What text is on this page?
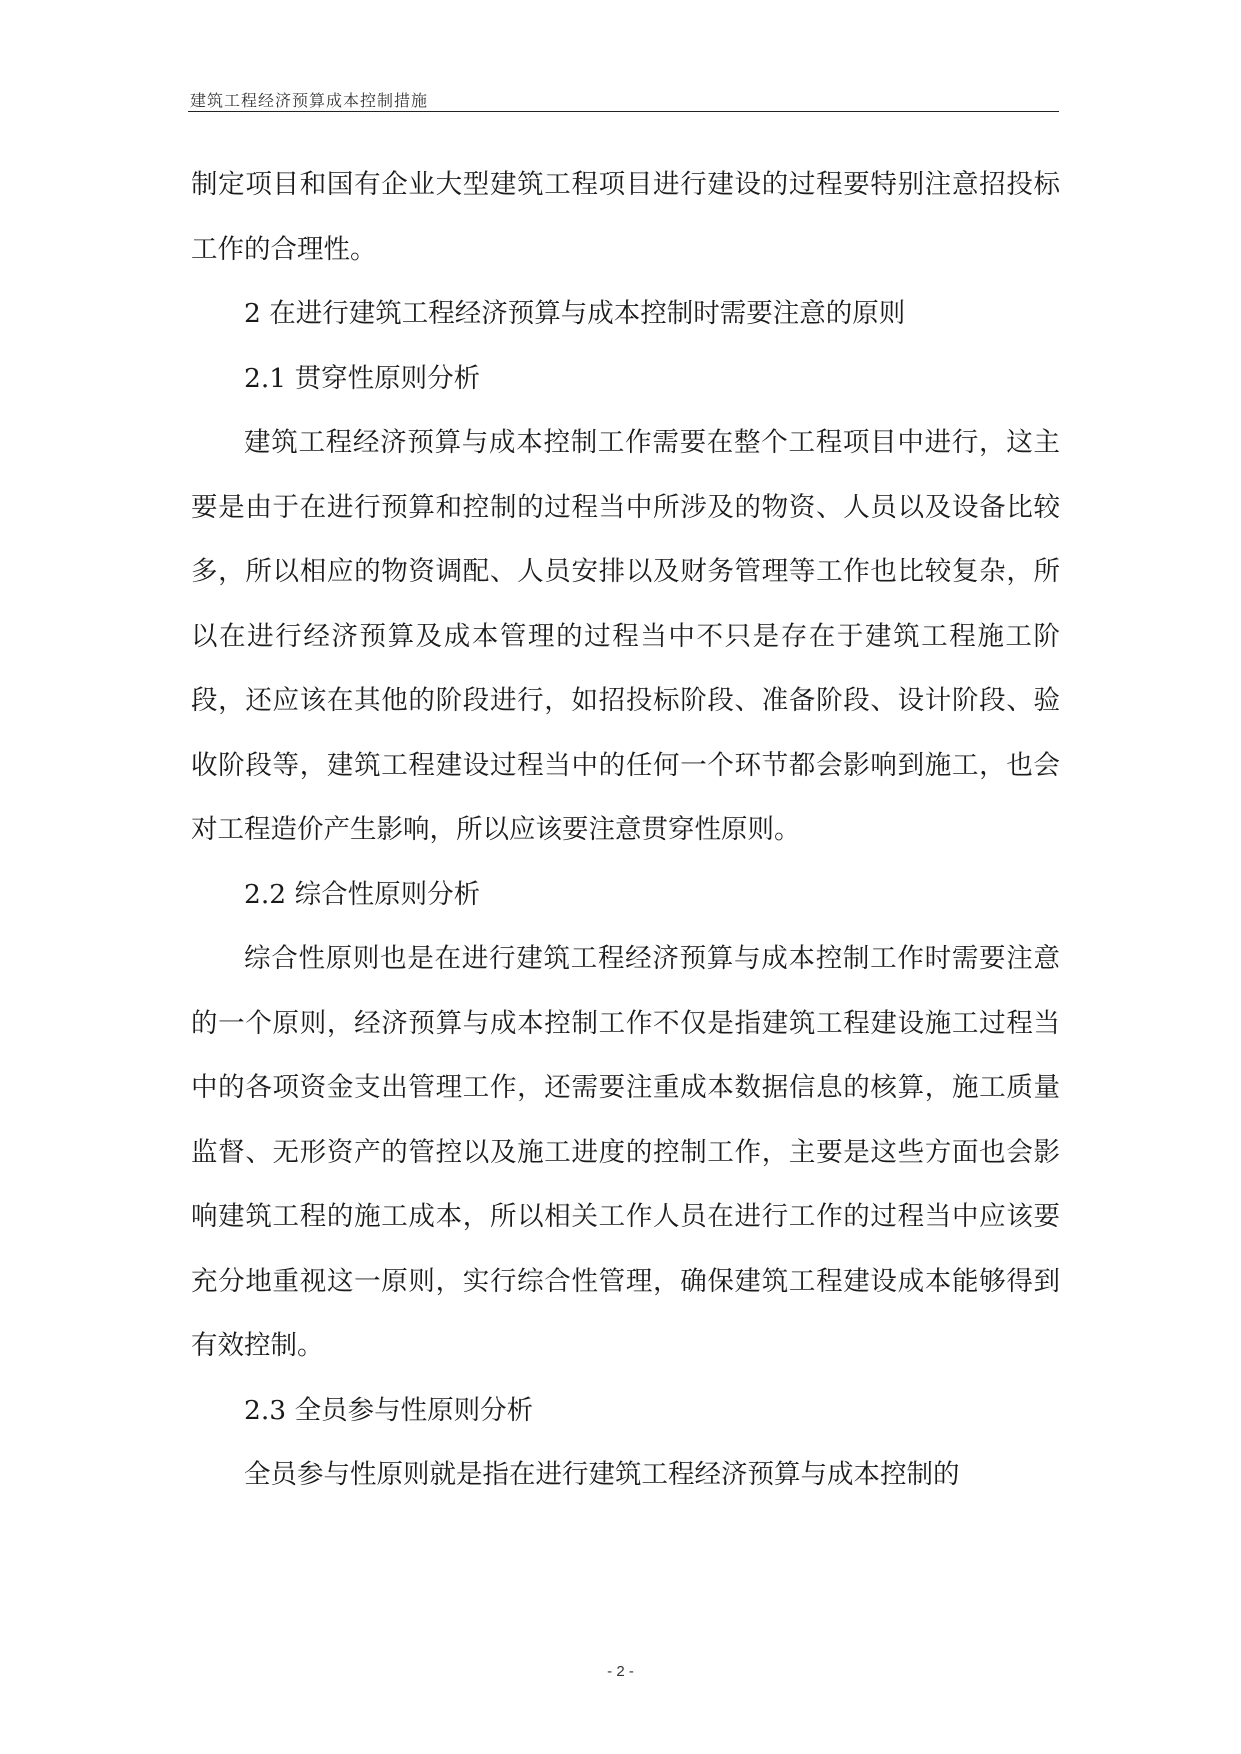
建筑工程经济预算成本控制措施

制定项目和国有企业大型建筑工程项目进行建设的过程要特别注意招投标工作的合理性。

2 在进行建筑工程经济预算与成本控制时需要注意的原则

2.1 贯穿性原则分析

建筑工程经济预算与成本控制工作需要在整个工程项目中进行，这主要是由于在进行预算和控制的过程当中所涉及的物资、人员以及设备比较多，所以相应的物资调配、人员安排以及财务管理等工作也比较复杂，所以在进行经济预算及成本管理的过程当中不只是存在于建筑工程施工阶段，还应该在其他的阶段进行，如招投标阶段、准备阶段、设计阶段、验收阶段等，建筑工程建设过程当中的任何一个环节都会影响到施工，也会对工程造价产生影响，所以应该要注意贯穿性原则。

2.2 综合性原则分析

综合性原则也是在进行建筑工程经济预算与成本控制工作时需要注意的一个原则，经济预算与成本控制工作不仅是指建筑工程建设施工过程当中的各项资金支出管理工作，还需要注重成本数据信息的核算，施工质量监督、无形资产的管控以及施工进度的控制工作，主要是这些方面也会影响建筑工程的施工成本，所以相关工作人员在进行工作的过程当中应该要充分地重视这一原则，实行综合性管理，确保建筑工程建设成本能够得到有效控制。

2.3 全员参与性原则分析

全员参与性原则就是指在进行建筑工程经济预算与成本控制的

- 2 -
